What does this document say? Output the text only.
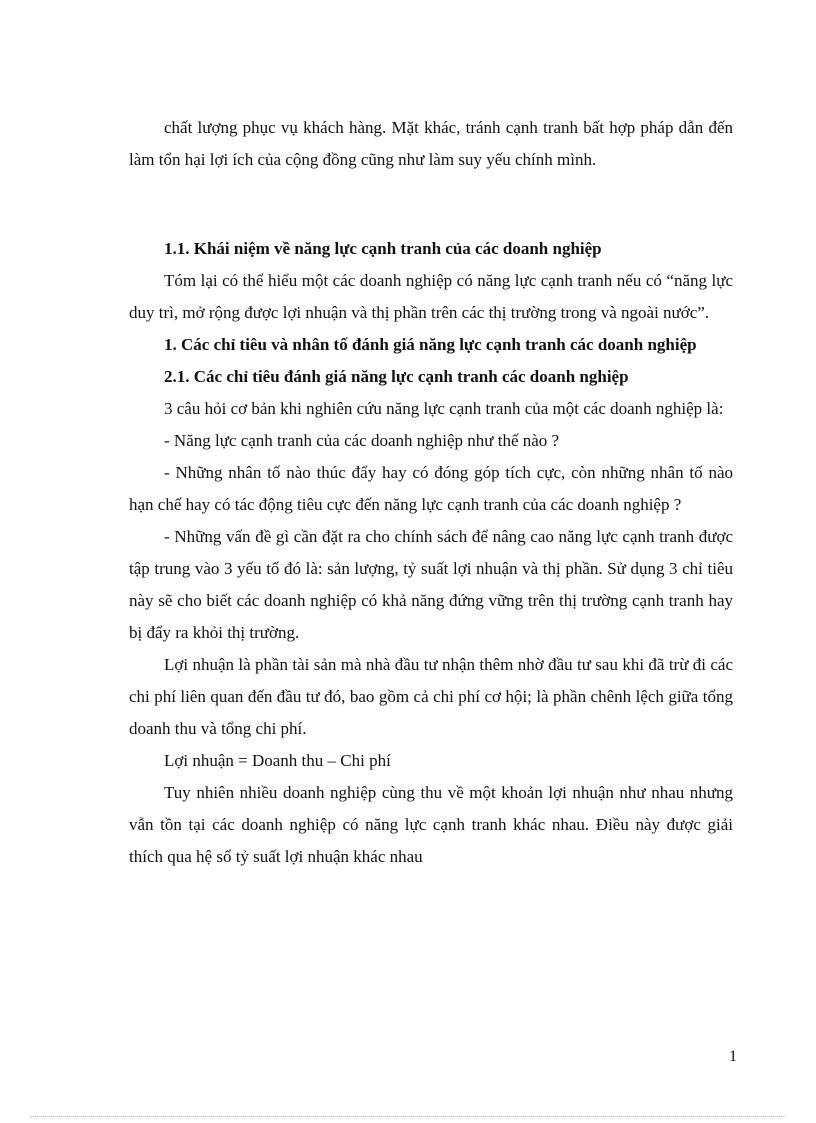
chất lượng phục vụ khách hàng. Mặt khác, tránh cạnh tranh bất hợp pháp dẫn đến làm tổn hại lợi ích của cộng đồng cũng như làm suy yếu chính mình.

1.1. Khái niệm về năng lực cạnh tranh của các doanh nghiệp

Tóm lại có thể hiểu một các doanh nghiệp có năng lực cạnh tranh nếu có “năng lực duy trì, mở rộng được lợi nhuận và thị phần trên các thị trường trong và ngoài nước”.

1. Các chỉ tiêu và nhân tố đánh giá năng lực cạnh tranh các doanh nghiệp

2.1. Các chỉ tiêu đánh giá năng lực cạnh tranh các doanh nghiệp

3 câu hỏi cơ bản khi nghiên cứu năng lực cạnh tranh của một các doanh nghiệp là:

- Năng lực cạnh tranh của các doanh nghiệp như thế nào ?

- Những nhân tố nào thúc đẩy hay có đóng góp tích cực, còn những nhân tố nào hạn chế hay có tác động tiêu cực đến năng lực cạnh tranh của các doanh nghiệp ?

- Những vấn đề gì cần đặt ra cho chính sách để nâng cao năng lực cạnh tranh được tập trung vào 3 yếu tố đó là: sản lượng, tỷ suất lợi nhuận và thị phần. Sử dụng 3 chỉ tiêu này sẽ cho biết các doanh nghiệp có khả năng đứng vững trên thị trường cạnh tranh hay bị đẩy ra khỏi thị trường.

Lợi nhuận là phần tài sản mà nhà đầu tư nhận thêm nhờ đầu tư sau khi đã trừ đi các chi phí liên quan đến đầu tư đó, bao gồm cả chi phí cơ hội; là phần chênh lệch giữa tổng doanh thu và tổng chi phí.

Lợi nhuận = Doanh thu – Chi phí

Tuy nhiên nhiều doanh nghiệp cùng thu về một khoản lợi nhuận như nhau nhưng vẫn tồn tại các doanh nghiệp có năng lực cạnh tranh khác nhau. Điều này được giải thích qua hệ số tỷ suất lợi nhuận khác nhau

1
